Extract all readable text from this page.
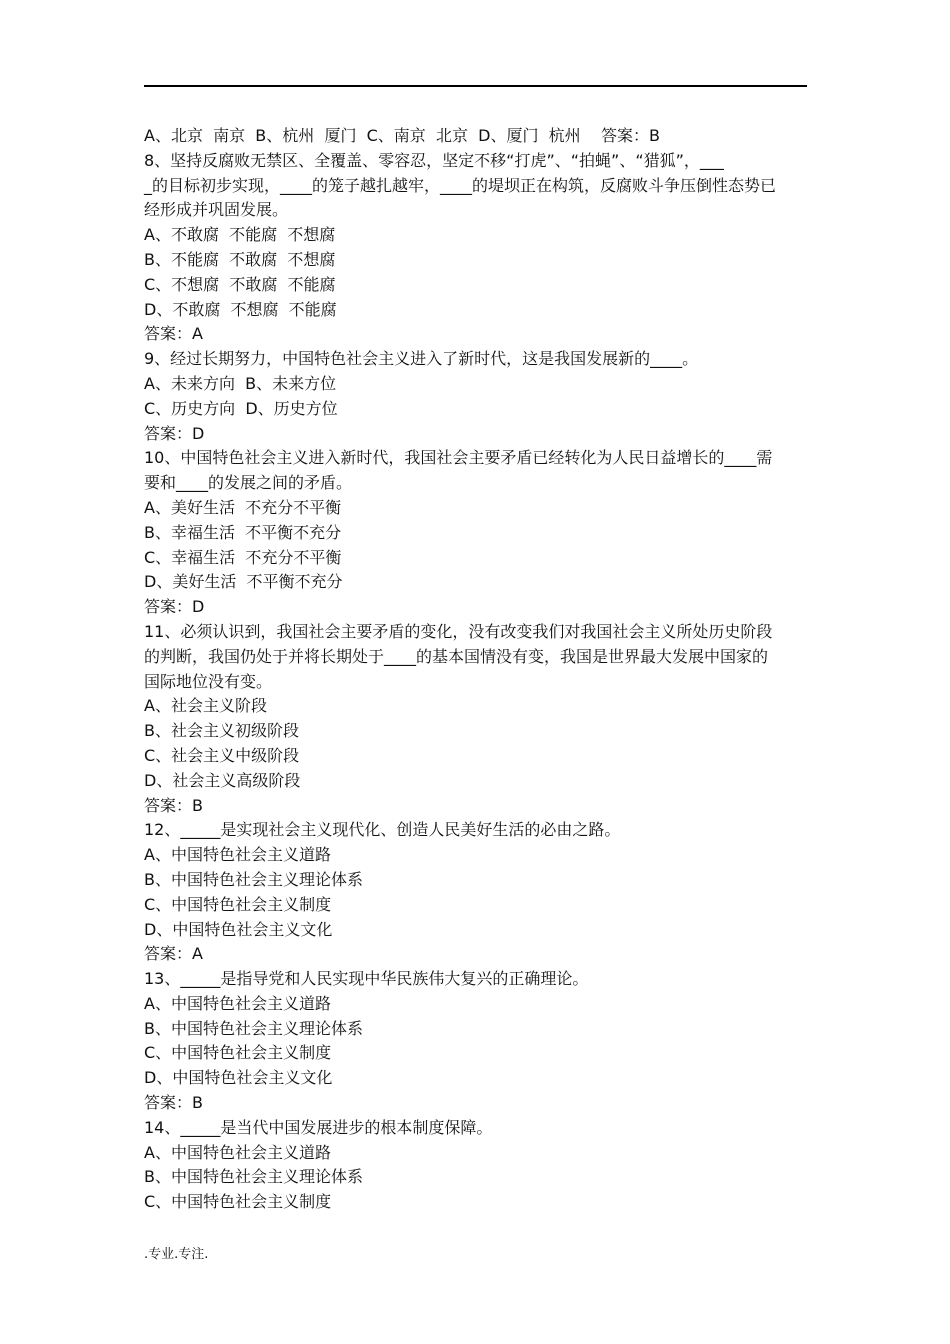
A、北京  南京  B、杭州  厦门  C、南京  北京  D、厦门  杭州    答案：B

8、坚持反腐败无禁区、全覆盖、零容忍，坚定不移“打虎”、“拍蝇”、“猎狐”，___

_的目标初步实现，____的笼子越扎越牢，____的堤坝正在构筑，反腐败斗争压倒性态势已

经形成并巩固发展。

A、不敢腐  不能腐  不想腐

B、不能腐  不敢腐  不想腐

C、不想腐  不敢腐  不能腐

D、不敢腐  不想腐  不能腐

答案：A

9、经过长期努力，中国特色社会主义进入了新时代，这是我国发展新的____。

A、未来方向  B、未来方位

C、历史方向  D、历史方位

答案：D

10、中国特色社会主义进入新时代，我国社会主要矛盾已经转化为人民日益增长的____需

要和____的发展之间的矛盾。

A、美好生活  不充分不平衡

B、幸福生活  不平衡不充分

C、幸福生活  不充分不平衡

D、美好生活  不平衡不充分

答案：D

11、必须认识到，我国社会主要矛盾的变化，没有改变我们对我国社会主义所处历史阶段

的判断，我国仍处于并将长期处于____的基本国情没有变，我国是世界最大发展中国家的

国际地位没有变。

A、社会主义阶段

B、社会主义初级阶段

C、社会主义中级阶段

D、社会主义高级阶段

答案：B

12、_____是实现社会主义现代化、创造人民美好生活的必由之路。

A、中国特色社会主义道路

B、中国特色社会主义理论体系

C、中国特色社会主义制度

D、中国特色社会主义文化

答案：A

13、_____是指导党和人民实现中华民族伟大复兴的正确理论。

A、中国特色社会主义道路

B、中国特色社会主义理论体系

C、中国特色社会主义制度

D、中国特色社会主义文化

答案：B

14、_____是当代中国发展进步的根本制度保障。

A、中国特色社会主义道路

B、中国特色社会主义理论体系

C、中国特色社会主义制度

.专业.专注.
